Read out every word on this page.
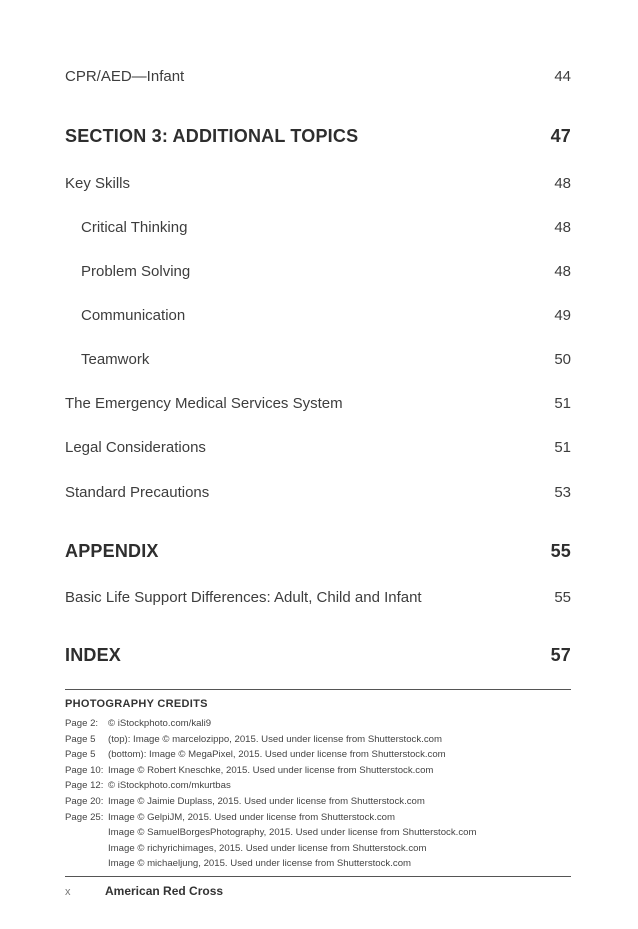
CPR/AED—Infant	44
SECTION 3: ADDITIONAL TOPICS	47
Key Skills	48
Critical Thinking	48
Problem Solving	48
Communication	49
Teamwork	50
The Emergency Medical Services System	51
Legal Considerations	51
Standard Precautions	53
APPENDIX	55
Basic Life Support Differences: Adult, Child and Infant	55
INDEX	57
PHOTOGRAPHY CREDITS
Page 2:	© iStockphoto.com/kali9
Page 5	(top): Image © marcelozippo, 2015. Used under license from Shutterstock.com
Page 5	(bottom): Image © MegaPixel, 2015. Used under license from Shutterstock.com
Page 10: Image © Robert Kneschke, 2015. Used under license from Shutterstock.com
Page 12: © iStockphoto.com/mkurtbas
Page 20: Image © Jaimie Duplass, 2015. Used under license from Shutterstock.com
Page 25: Image © GelpiJM, 2015. Used under license from Shutterstock.com
Image © SamuelBorgesPhotography, 2015. Used under license from Shutterstock.com
Image © richyrichimages, 2015. Used under license from Shutterstock.com
Image © michaeljung, 2015. Used under license from Shutterstock.com
x	American Red Cross
